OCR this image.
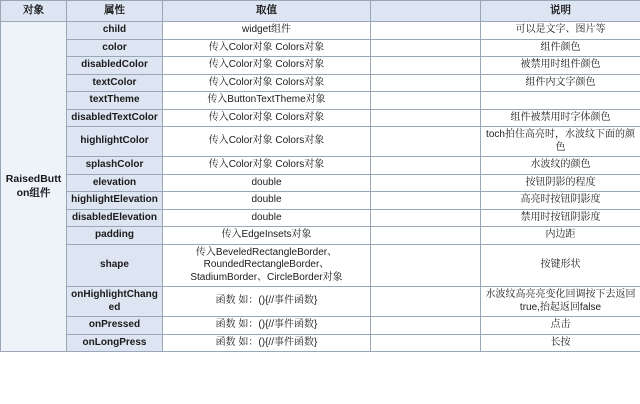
对象	属性	取值		说明
RaisedButton组件	child	widget组件		可以是文字、图片等
	color	传入Color对象 Colors对象		组件颜色
	disabledColor	传入Color对象 Colors对象		被禁用时组件颜色
	textColor	传入Color对象 Colors对象		组件内文字颜色
	textTheme	传入ButtonTextTheme对象		
	disabledTextColor	传入Color对象 Colors对象		组件被禁用时字体颜色
	highlightColor	传入Color对象 Colors对象		toch拍住高亮时，水波纹下面的颜色
	splashColor	传入Color对象 Colors对象		水波纹的颜色
	elevation	double		按钮阴影的程度
	highlightElevation	double		高亮时按钮阴影度
	disabledElevation	double		禁用时按钮阴影度
	padding	传入EdgeInsets对象		内边距
	shape	传入BeveledRectangleBorder、RoundedRectangleBorder、StadiumBorder、CircleBorder对象		按键形状
	onHighlightChanged	函数 如：(){//事件函数}		水波纹高亮亮变化回调按下去返回true,抬起返回false
	onPressed	函数 如：(){//事件函数}		点击
	onLongPress	函数 如：(){//事件函数}		长按
